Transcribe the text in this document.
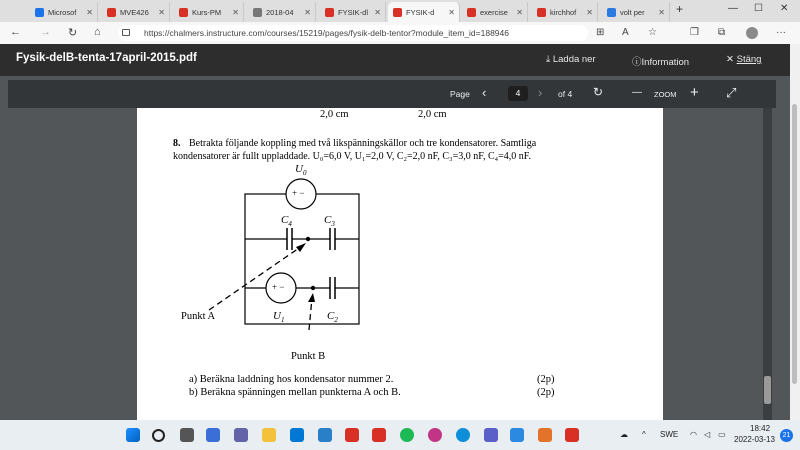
Microsof ✕	MVE426 ✕	Kurs-PM ✕	2018-04 ✕	FYSIK-dl ✕	FYSIK-d ✕	exercise ✕	kirchhof ✕	volt per ✕ +	— ☐ ✕
← → ↻ ⌂	https://chalmers.instructure.com/courses/15219/pages/fysik-delb-tentor?module_item_id=188946	⊞ A ☆	❐ ⧉	···
Fysik-delB-tenta-17april-2015.pdf	⤓ Ladda ner	ⓘInformation	✕ Stäng
Page ‹	4	› of 4 ↻	— ZOOM + ⤢
2,0 cm	2,0 cm
8. Betrakta följande koppling med två likspänningskällor och tre kondensatorer. Samtliga
kondensatorer är fullt uppladdade. U₀=6,0 V, U₁=2,0 V, C₂=2,0 nF, C₃=3,0 nF, C₄=4,0 nF.
+ −
+ −
$U_0$
$C_4$	$C_3$
$U_1$	$C_2$
Punkt A
Punkt B
a) Beräkna laddning hos kondensator nummer 2.	(2p)
b) Beräkna spänningen mellan punkterna A och B.	(2p)
☁ ^ SWE ◠ ◁ ▭
18:42
2022-03-13	21
